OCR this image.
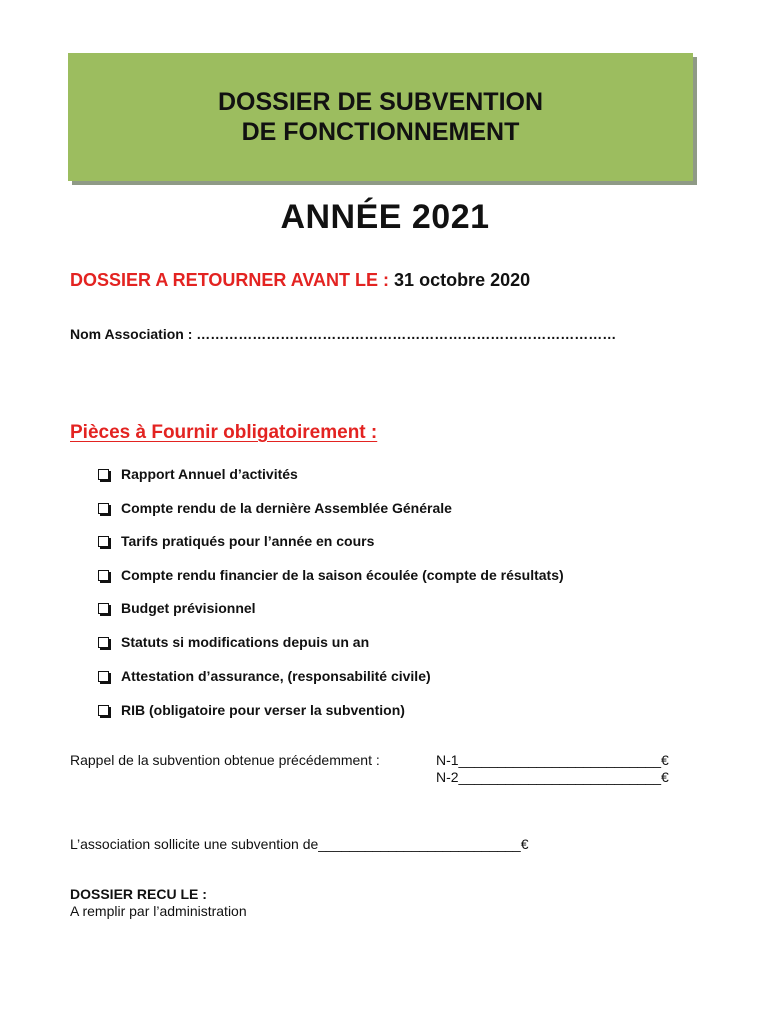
DOSSIER DE SUBVENTION
DE FONCTIONNEMENT
ANNÉE 2021
DOSSIER A RETOURNER AVANT LE : 31 octobre 2020
Nom Association : ………………………………………………………………………………
Pièces à Fournir obligatoirement :
Rapport Annuel d’activités
Compte rendu de la dernière Assemblée Générale
Tarifs pratiqués pour l’année en cours
Compte rendu financier de la saison écoulée (compte de résultats)
Budget prévisionnel
Statuts si modifications depuis un an
Attestation d’assurance, (responsabilité civile)
RIB (obligatoire pour verser la subvention)
Rappel de la subvention obtenue précédemment :	N-1__________________________€
N-2__________________________€
L’association sollicite une subvention de__________________________€
DOSSIER RECU LE :
A remplir par l’administration
